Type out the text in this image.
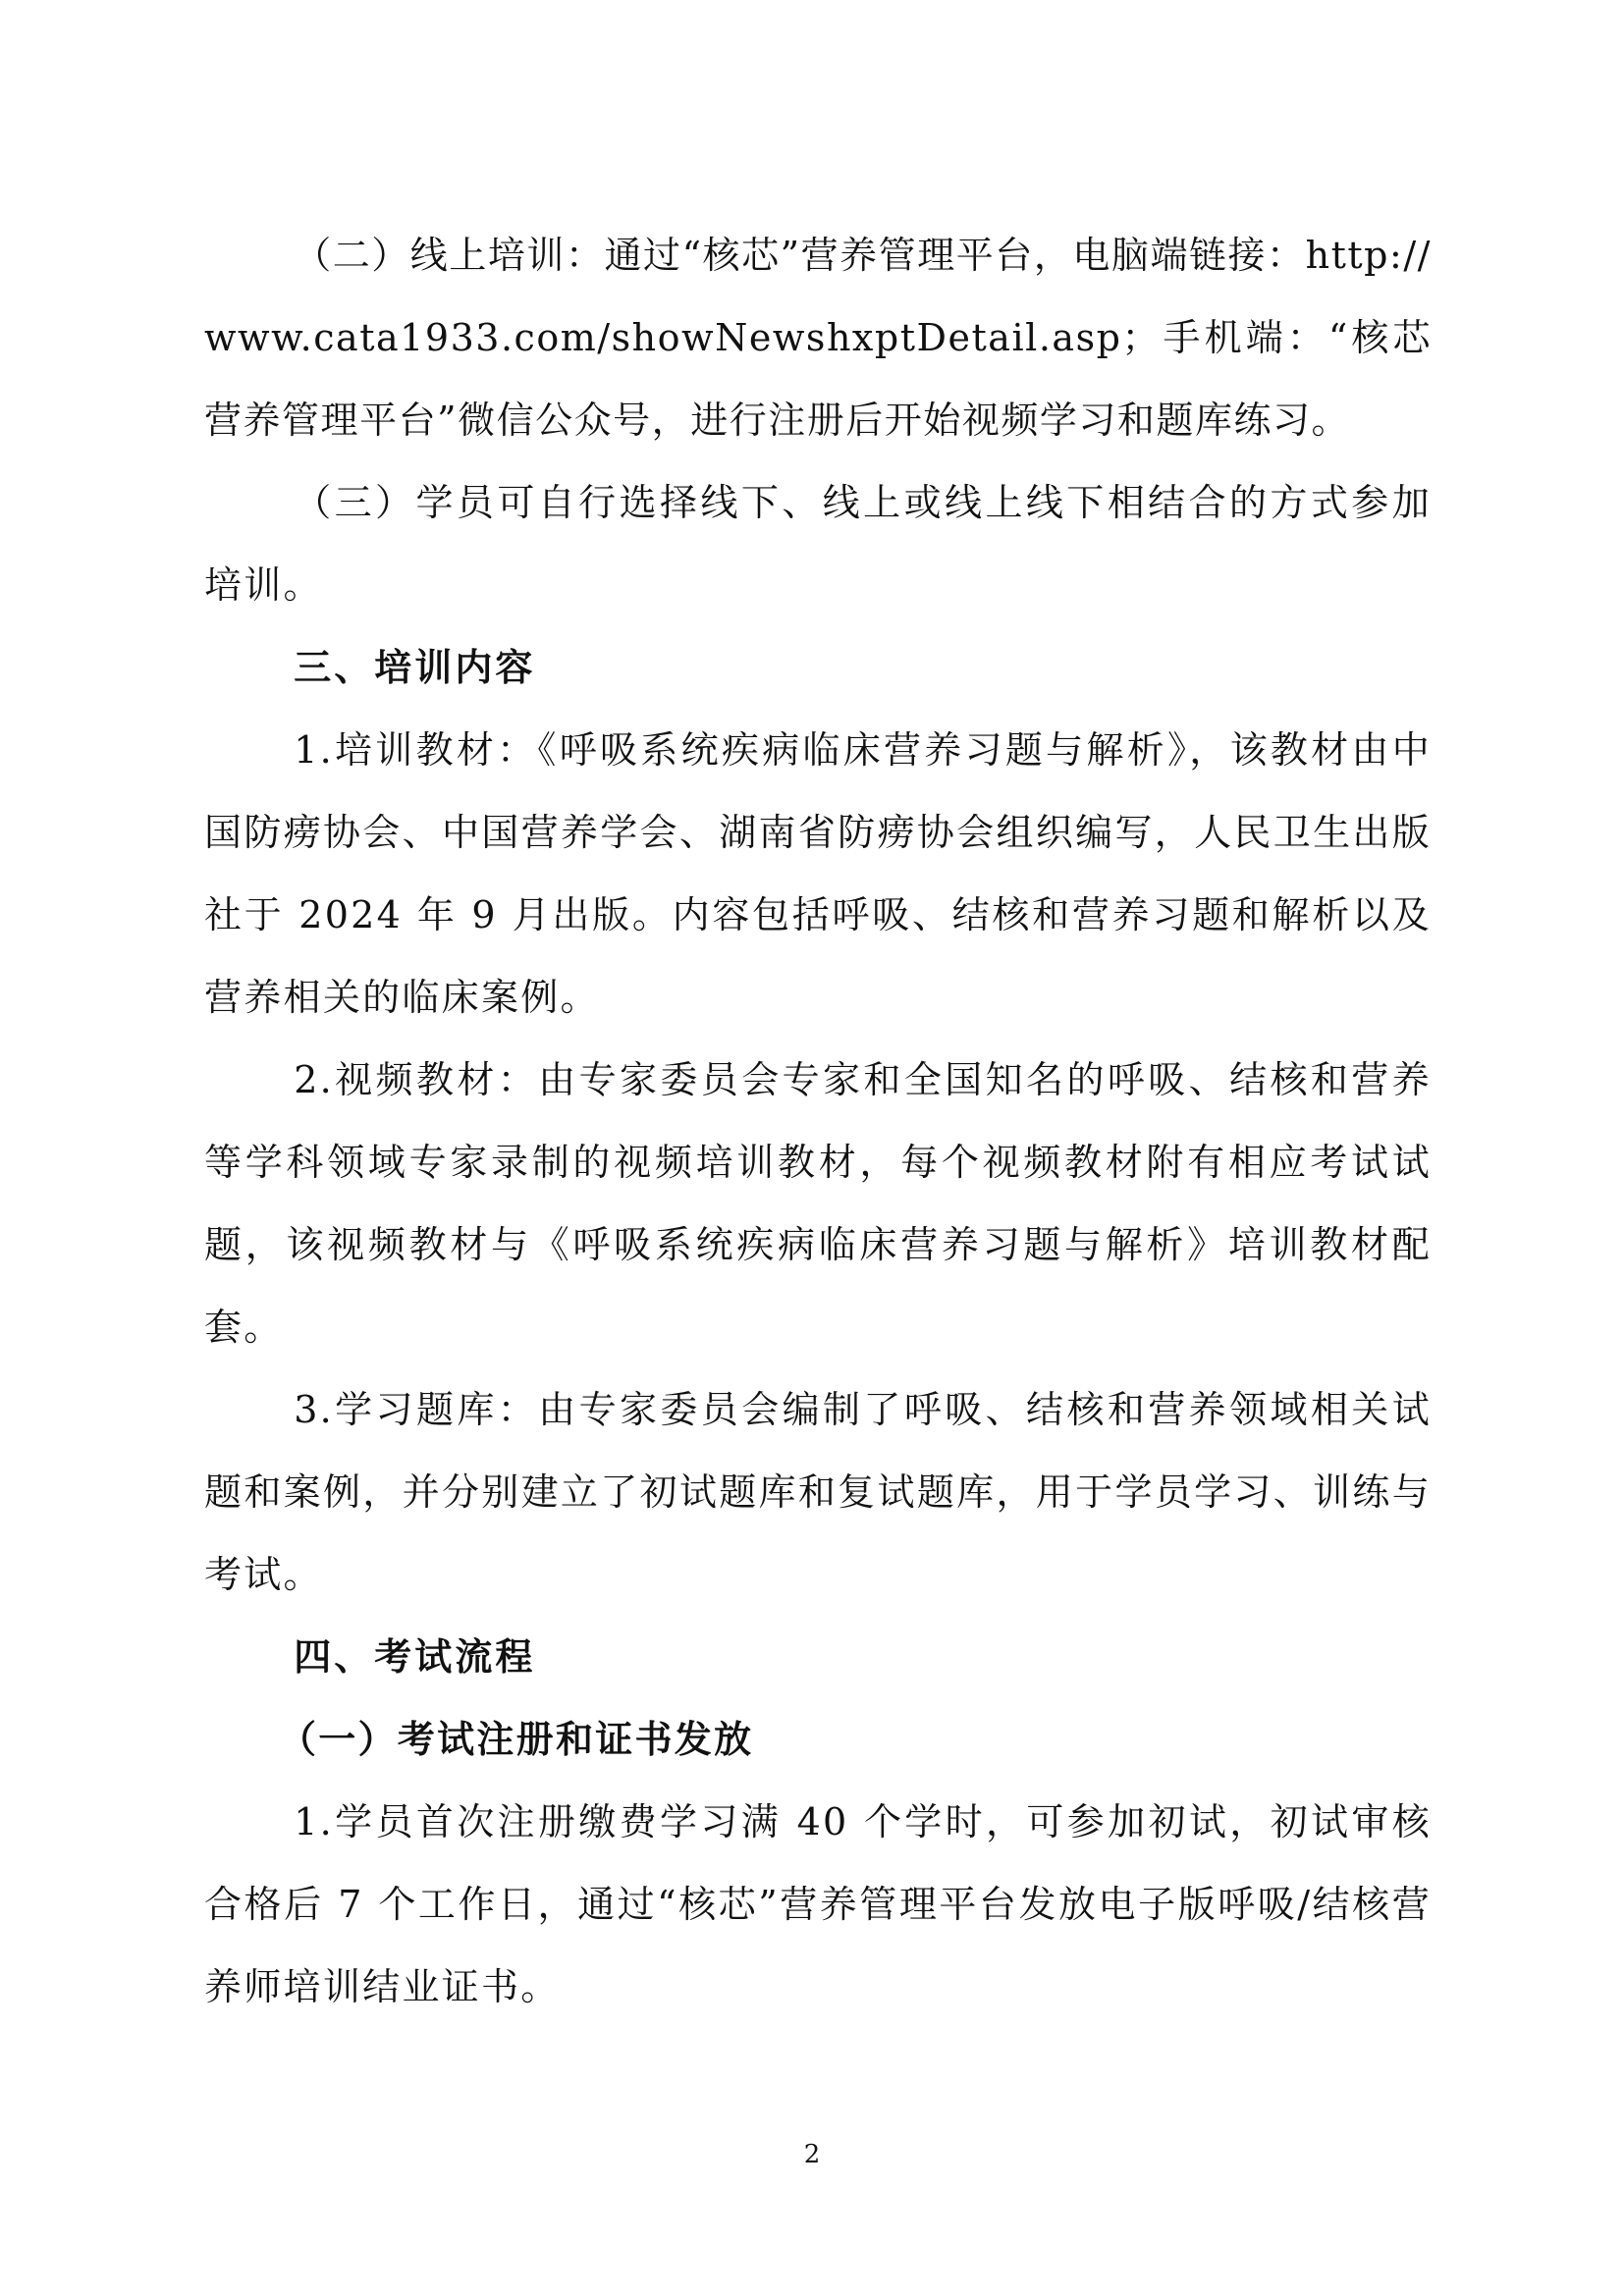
（二）线上培训：通过“核芯”营养管理平台，电脑端链接：http://www.cata1933.com/showNewshxptDetail.asp；手机端：“核芯营养管理平台”微信公众号，进行注册后开始视频学习和题库练习。

（三）学员可自行选择线下、线上或线上线下相结合的方式参加培训。

三、培训内容

1.培训教材：《呼吸系统疾病临床营养习题与解析》，该教材由中国防痨协会、中国营养学会、湖南省防痨协会组织编写，人民卫生出版社于 2024 年 9 月出版。内容包括呼吸、结核和营养习题和解析以及营养相关的临床案例。

2.视频教材：由专家委员会专家和全国知名的呼吸、结核和营养等学科领域专家录制的视频培训教材，每个视频教材附有相应考试试题，该视频教材与《呼吸系统疾病临床营养习题与解析》培训教材配套。

3.学习题库：由专家委员会编制了呼吸、结核和营养领域相关试题和案例，并分别建立了初试题库和复试题库，用于学员学习、训练与考试。

四、考试流程

（一）考试注册和证书发放

1.学员首次注册缴费学习满 40 个学时，可参加初试，初试审核合格后 7 个工作日，通过“核芯”营养管理平台发放电子版呼吸/结核营养师培训结业证书。

2
